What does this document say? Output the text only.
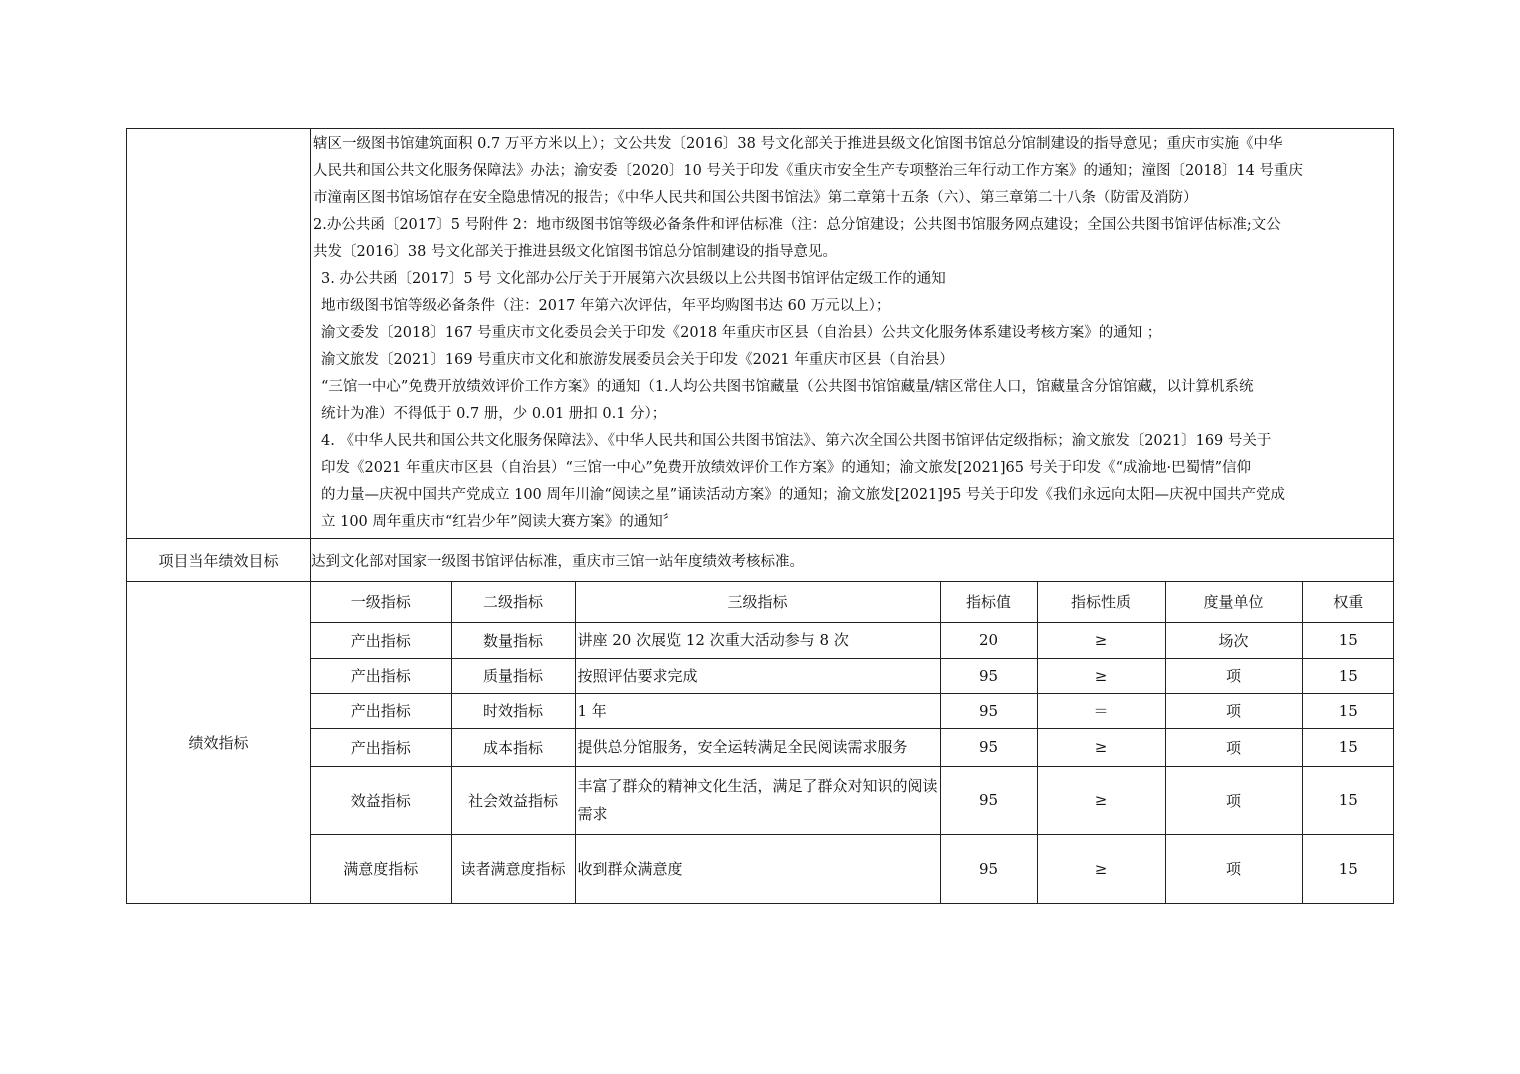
辖区一级图书馆建筑面积 0.7 万平方米以上）；文公共发〔2016〕38 号文化部关于推进县级文化馆图书馆总分馆制建设的指导意见；重庆市实施《中华

人民共和国公共文化服务保障法》办法；渝安委〔2020〕10 号关于印发《重庆市安全生产专项整治三年行动工作方案》的通知；潼图〔2018〕14 号重庆

市潼南区图书馆场馆存在安全隐患情况的报告；《中华人民共和国公共图书馆法》第二章第十五条（六）、第三章第二十八条（防雷及消防）

2.办公共函〔2017〕5 号附件 2：地市级图书馆等级必备条件和评估标准（注：总分馆建设；公共图书馆服务网点建设；全国公共图书馆评估标准;文公

共发〔2016〕38 号文化部关于推进县级文化馆图书馆总分馆制建设的指导意见。

3. 办公共函〔2017〕5 号 文化部办公厅关于开展第六次县级以上公共图书馆评估定级工作的通知

地市级图书馆等级必备条件（注：2017 年第六次评估，年平均购图书达 60 万元以上）；

渝文委发〔2018〕167 号重庆市文化委员会关于印发《2018 年重庆市区县（自治县）公共文化服务体系建设考核方案》的通知 ；

渝文旅发〔2021〕169 号重庆市文化和旅游发展委员会关于印发《2021 年重庆市区县（自治县）

“三馆一中心”免费开放绩效评价工作方案》的通知（1.人均公共图书馆藏量（公共图书馆馆藏量/辖区常住人口，馆藏量含分馆馆藏，以计算机系统

统计为准）不得低于 0.7 册，少 0.01 册扣 0.1 分）；

4. 《中华人民共和国公共文化服务保障法》、《中华人民共和国公共图书馆法》、第六次全国公共图书馆评估定级指标；渝文旅发〔2021〕169 号关于

印发《2021 年重庆市区县（自治县）“三馆一中心”免费开放绩效评价工作方案》的通知；渝文旅发[2021]65 号关于印发《“成渝地·巴蜀情”信仰

的力量—庆祝中国共产党成立 100 周年川渝“阅读之星”诵读活动方案》的通知；渝文旅发[2021]95 号关于印发《我们永远向太阳—庆祝中国共产党成

立 100 周年重庆市“红岩少年”阅读大赛方案》的通知〞

项目当年绩效目标	达到文化部对国家一级图书馆评估标准，重庆市三馆一站年度绩效考核标准。
绩效指标	
一级指标	二级指标	三级指标	指标值	指标性质	度量单位	权重
产出指标	数量指标	讲座 20 次展览 12 次重大活动参与 8 次	20	≥	场次	15
产出指标	质量指标	按照评估要求完成	95	≥	项	15
产出指标	时效指标	1 年	95	＝	项	15
产出指标	成本指标	提供总分馆服务，安全运转满足全民阅读需求服务	95	≥	项	15
效益指标	社会效益指标	丰富了群众的精神文化生活，满足了群众对知识的阅读需求	95	≥	项	15
满意度指标	读者满意度指标	收到群众满意度	95	≥	项	15
